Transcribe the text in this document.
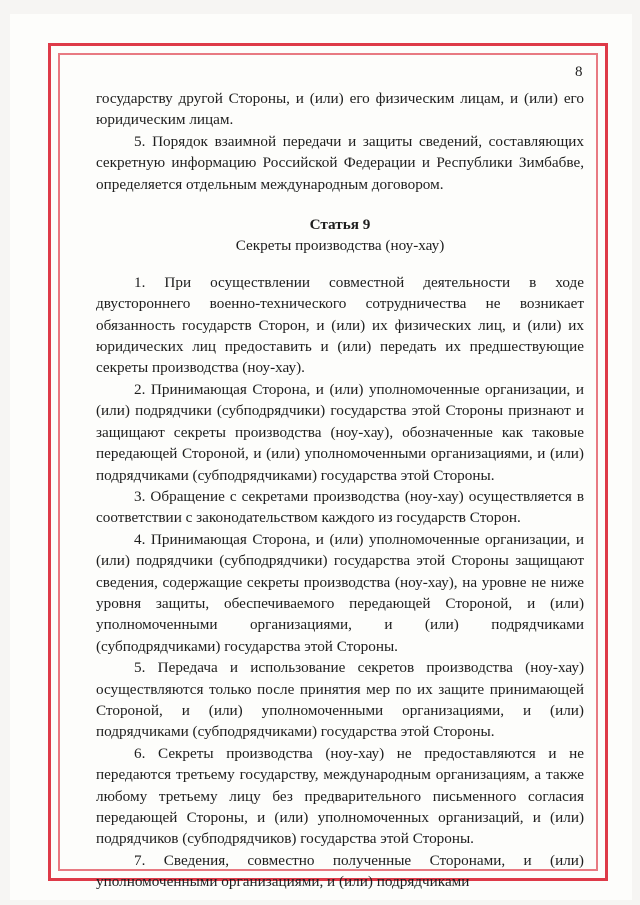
8

государству другой Стороны, и (или) его физическим лицам, и (или) его юридическим лицам.

5. Порядок взаимной передачи и защиты сведений, составляющих секретную информацию Российской Федерации и Республики Зимбабве, определяется отдельным международным договором.

Статья 9

Секреты производства (ноу-хау)

1. При осуществлении совместной деятельности в ходе двустороннего военно-технического сотрудничества не возникает обязанность государств Сторон, и (или) их физических лиц, и (или) их юридических лиц предоставить и (или) передать их предшествующие секреты производства (ноу-хау).

2. Принимающая Сторона, и (или) уполномоченные организации, и (или) подрядчики (субподрядчики) государства этой Стороны признают и защищают секреты производства (ноу-хау), обозначенные как таковые передающей Стороной, и (или) уполномоченными организациями, и (или) подрядчиками (субподрядчиками) государства этой Стороны.

3. Обращение с секретами производства (ноу-хау) осуществляется в соответствии с законодательством каждого из государств Сторон.

4. Принимающая Сторона, и (или) уполномоченные организации, и (или) подрядчики (субподрядчики) государства этой Стороны защищают сведения, содержащие секреты производства (ноу-хау), на уровне не ниже уровня защиты, обеспечиваемого передающей Стороной, и (или) уполномоченными организациями, и (или) подрядчиками (субподрядчиками) государства этой Стороны.

5. Передача и использование секретов производства (ноу-хау) осуществляются только после принятия мер по их защите принимающей Стороной, и (или) уполномоченными организациями, и (или) подрядчиками (субподрядчиками) государства этой Стороны.

6. Секреты производства (ноу-хау) не предоставляются и не передаются третьему государству, международным организациям, а также любому третьему лицу без предварительного письменного согласия передающей Стороны, и (или) уполномоченных организаций, и (или) подрядчиков (субподрядчиков) государства этой Стороны.

7. Сведения, совместно полученные Сторонами, и (или) уполномоченными организациями, и (или) подрядчиками
